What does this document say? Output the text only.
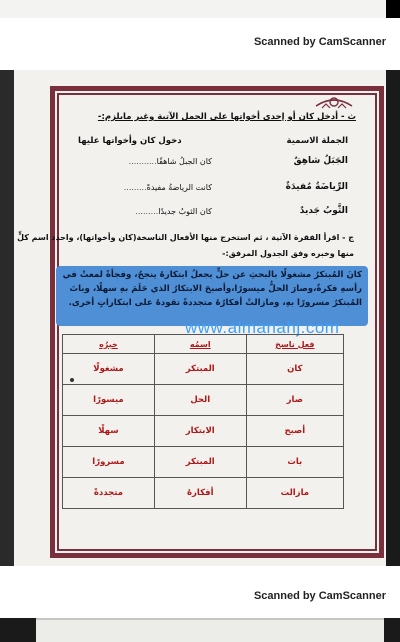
Scanned by CamScanner
ث - أدخل كان أو إحدى أخواتها على الجمل الآتية وغير مايلزم:-
الجملة الاسمية
دخول كان وأخواتها عليها
الجَبَلُ شاهِقٌ
كان الجبلُ شاهقًا...........
الرِّياضَةُ مُفيدَةٌ
كانت الرياضةُ مفيدةً.........
الثَّوبُ جَديدٌ
كان الثوبُ جديدًا.........
ج - اقرأ الفقرة الآتية ، ثم استخرج منها الأفعال الناسخة(كان وأخواتها)، واحدد اسم كلٍّ
منها وخبره وفق الجدول المرفق:-
كانَ المُبتكرُ مشغولًا بالبحثِ عن حلٍّ يجعلُ ابتكارهُ ينجحُ، وفجأةً لمعتْ في رأسهِ فكرةٌ،وصارَ الحلُّ ميسورًا،وأصبحَ الابتكارُ الذي حَلَمَ بهِ سهلًا، وباتَ المُبتكرُ مسرورًا بهِ، ومازالتْ أفكارُهُ متجددةً تقودهُ على ابتكاراتٍ أخرى.
www.almanahj.com
خبرُه	اسمُه	فعل ناسخ
مشغولًا	المبتكر	كان
ميسورًا	الحل	صار
سهلًا	الابتكار	أصبح
مسرورًا	المبتكر	بات
متجددةً	أفكارهُ	مازالت
Scanned by CamScanner
